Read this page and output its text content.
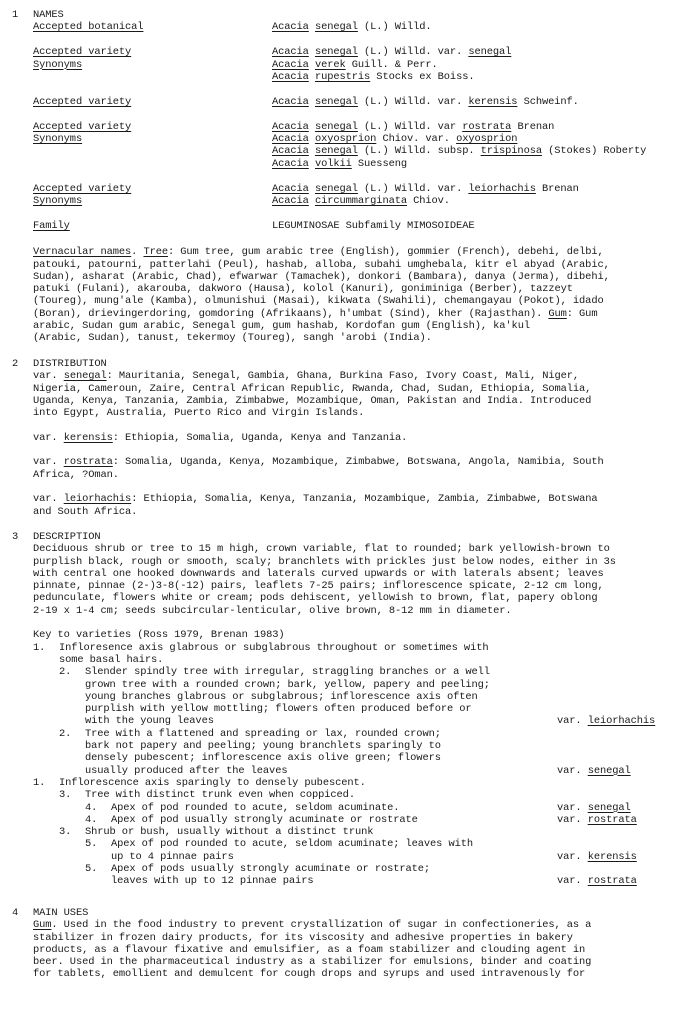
1 NAMES
Accepted botanical	Acacia senegal (L.) Willd.
Accepted variety	Acacia senegal (L.) Willd. var. senegal
Synonyms	Acacia verek Guill. & Perr.
Acacia rupestris Stocks ex Boiss.
Accepted variety	Acacia senegal (L.) Willd. var. kerensis Schweinf.
Accepted variety	Acacia senegal (L.) Willd. var rostrata Brenan
Synonyms	Acacia oxyosprion Chiov. var. oxyosprion
Acacia senegal (L.) Willd. subsp. trispinosa (Stokes) Roberty
Acacia volkii Suesseng
Accepted variety	Acacia senegal (L.) Willd. var. leiorhachis Brenan
Synonyms	Acacia circummarginata Chiov.
Family	LEGUMINOSAE Subfamily MIMOSOIDEAE
Vernacular names. Tree: Gum tree, gum arabic tree (English), gommier (French), debehi, delbi,
patouki, patourni, patterlahi (Peul), hashab, alloba, subahi umghebala, kitr el abyad (Arabic,
Sudan), asharat (Arabic, Chad), efwarwar (Tamachek), donkori (Bambara), danya (Jerma), dibehi,
patuki (Fulani), akarouba, dakworo (Hausa), kolol (Kanuri), goniminiga (Berber), tazzeyt
(Toureg), mung'ale (Kamba), olmunishui (Masai), kikwata (Swahili), chemangayau (Pokot), idado
(Boran), drievingerdoring, gomdoring (Afrikaans), h'umbat (Sind), kher (Rajasthan). Gum: Gum
arabic, Sudan gum arabic, Senegal gum, gum hashab, Kordofan gum (English), ka'kul
(Arabic, Sudan), tanust, tekermoy (Toureg), sangh 'arobi (India).
2 DISTRIBUTION
var. senegal: Mauritania, Senegal, Gambia, Ghana, Burkina Faso, Ivory Coast, Mali, Niger,
Nigeria, Cameroun, Zaire, Central African Republic, Rwanda, Chad, Sudan, Ethiopia, Somalia,
Uganda, Kenya, Tanzania, Zambia, Zimbabwe, Mozambique, Oman, Pakistan and India. Introduced
into Egypt, Australia, Puerto Rico and Virgin Islands.
var. kerensis: Ethiopia, Somalia, Uganda, Kenya and Tanzania.
var. rostrata: Somalia, Uganda, Kenya, Mozambique, Zimbabwe, Botswana, Angola, Namibia, South
Africa, ?Oman.
var. leiorhachis: Ethiopia, Somalia, Kenya, Tanzania, Mozambique, Zambia, Zimbabwe, Botswana
and South Africa.
3 DESCRIPTION
Deciduous shrub or tree to 15 m high, crown variable, flat to rounded; bark yellowish-brown to
purplish black, rough or smooth, scaly; branchlets with prickles just below nodes, either in 3s
with central one hooked downwards and laterals curved upwards or with laterals absent; leaves
pinnate, pinnae (2-)3-8(-12) pairs, leaflets 7-25 pairs; inflorescence spicate, 2-12 cm long,
pedunculate, flowers white or cream; pods dehiscent, yellowish to brown, flat, papery oblong
2-19 x 1-4 cm; seeds subcircular-lenticular, olive brown, 8-12 mm in diameter.
Key to varieties (Ross 1979, Brenan 1983)
1.	Infloresence axis glabrous or subglabrous throughout or sometimes with
some basal hairs.
2.	Slender spindly tree with irregular, straggling branches or a well
grown tree with a rounded crown; bark, yellow, papery and peeling;
young branches glabrous or subglabrous; inflorescence axis often
purplish with yellow mottling; flowers often produced before or
with the young leaves	var. leiorhachis
2.	Tree with a flattened and spreading or lax, rounded crown;
bark not papery and peeling; young branchlets sparingly to
densely pubescent; inflorescence axis olive green; flowers
usually produced after the leaves	var. senegal
1.	Inflorescence axis sparingly to densely pubescent.
3.	Tree with distinct trunk even when coppiced.
4.	Apex of pod rounded to acute, seldom acuminate.	var. senegal
4.	Apex of pod usually strongly acuminate or rostrate	var. rostrata
3.	Shrub or bush, usually without a distinct trunk
5.	Apex of pod rounded to acute, seldom acuminate; leaves with
up to 4 pinnae pairs	var. kerensis
5.	Apex of pods usually strongly acuminate or rostrate;
leaves with up to 12 pinnae pairs	var. rostrata
4 MAIN USES
Gum. Used in the food industry to prevent crystallization of sugar in confectioneries, as a
stabilizer in frozen dairy products, for its viscosity and adhesive properties in bakery
products, as a flavour fixative and emulsifier, as a foam stabilizer and clouding agent in
beer. Used in the pharmaceutical industry as a stabilizer for emulsions, binder and coating
for tablets, emollient and demulcent for cough drops and syrups and used intravenously for
